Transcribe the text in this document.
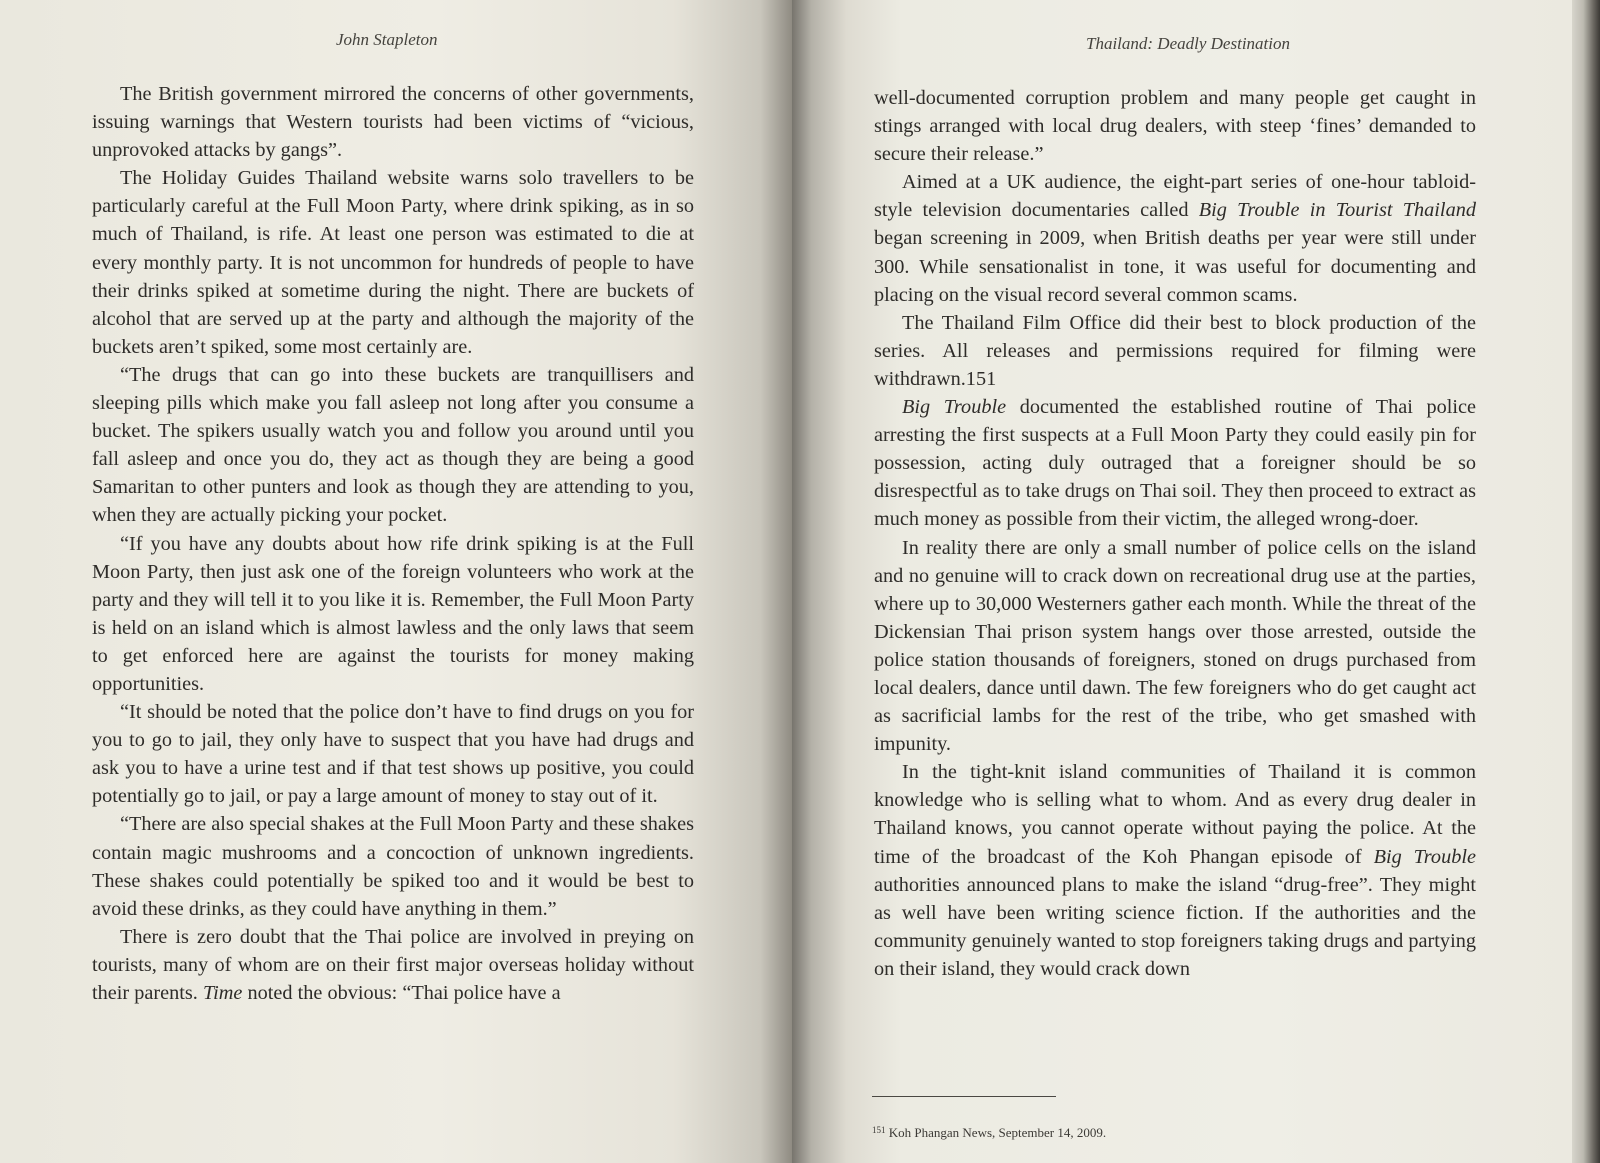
John Stapleton

The British government mirrored the concerns of other governments, issuing warnings that Western tourists had been victims of “vicious, unprovoked attacks by gangs”.

The Holiday Guides Thailand website warns solo travellers to be particularly careful at the Full Moon Party, where drink spiking, as in so much of Thailand, is rife. At least one person was estimated to die at every monthly party. It is not uncommon for hundreds of people to have their drinks spiked at sometime during the night. There are buckets of alcohol that are served up at the party and although the majority of the buckets aren’t spiked, some most certainly are.

“The drugs that can go into these buckets are tranquillisers and sleeping pills which make you fall asleep not long after you consume a bucket. The spikers usually watch you and follow you around until you fall asleep and once you do, they act as though they are being a good Samaritan to other punters and look as though they are attending to you, when they are actually picking your pocket.

“If you have any doubts about how rife drink spiking is at the Full Moon Party, then just ask one of the foreign volunteers who work at the party and they will tell it to you like it is. Remember, the Full Moon Party is held on an island which is almost lawless and the only laws that seem to get enforced here are against the tourists for money making opportunities.

“It should be noted that the police don’t have to find drugs on you for you to go to jail, they only have to suspect that you have had drugs and ask you to have a urine test and if that test shows up positive, you could potentially go to jail, or pay a large amount of money to stay out of it.

“There are also special shakes at the Full Moon Party and these shakes contain magic mushrooms and a concoction of unknown ingredients. These shakes could potentially be spiked too and it would be best to avoid these drinks, as they could have anything in them.”

There is zero doubt that the Thai police are involved in preying on tourists, many of whom are on their first major overseas holiday without their parents. Time noted the obvious: “Thai police have a

Thailand: Deadly Destination

well-documented corruption problem and many people get caught in stings arranged with local drug dealers, with steep ‘fines’ demanded to secure their release.”

Aimed at a UK audience, the eight-part series of one-hour tabloid-style television documentaries called Big Trouble in Tourist Thailand began screening in 2009, when British deaths per year were still under 300. While sensationalist in tone, it was useful for documenting and placing on the visual record several common scams.

The Thailand Film Office did their best to block production of the series. All releases and permissions required for filming were withdrawn.151

Big Trouble documented the established routine of Thai police arresting the first suspects at a Full Moon Party they could easily pin for possession, acting duly outraged that a foreigner should be so disrespectful as to take drugs on Thai soil. They then proceed to extract as much money as possible from their victim, the alleged wrong-doer.

In reality there are only a small number of police cells on the island and no genuine will to crack down on recreational drug use at the parties, where up to 30,000 Westerners gather each month. While the threat of the Dickensian Thai prison system hangs over those arrested, outside the police station thousands of foreigners, stoned on drugs purchased from local dealers, dance until dawn. The few foreigners who do get caught act as sacrificial lambs for the rest of the tribe, who get smashed with impunity.

In the tight-knit island communities of Thailand it is common knowledge who is selling what to whom. And as every drug dealer in Thailand knows, you cannot operate without paying the police. At the time of the broadcast of the Koh Phangan episode of Big Trouble authorities announced plans to make the island “drug-free”. They might as well have been writing science fiction. If the authorities and the community genuinely wanted to stop foreigners taking drugs and partying on their island, they would crack down

$^{151}$ Koh Phangan News, September 14, 2009.
